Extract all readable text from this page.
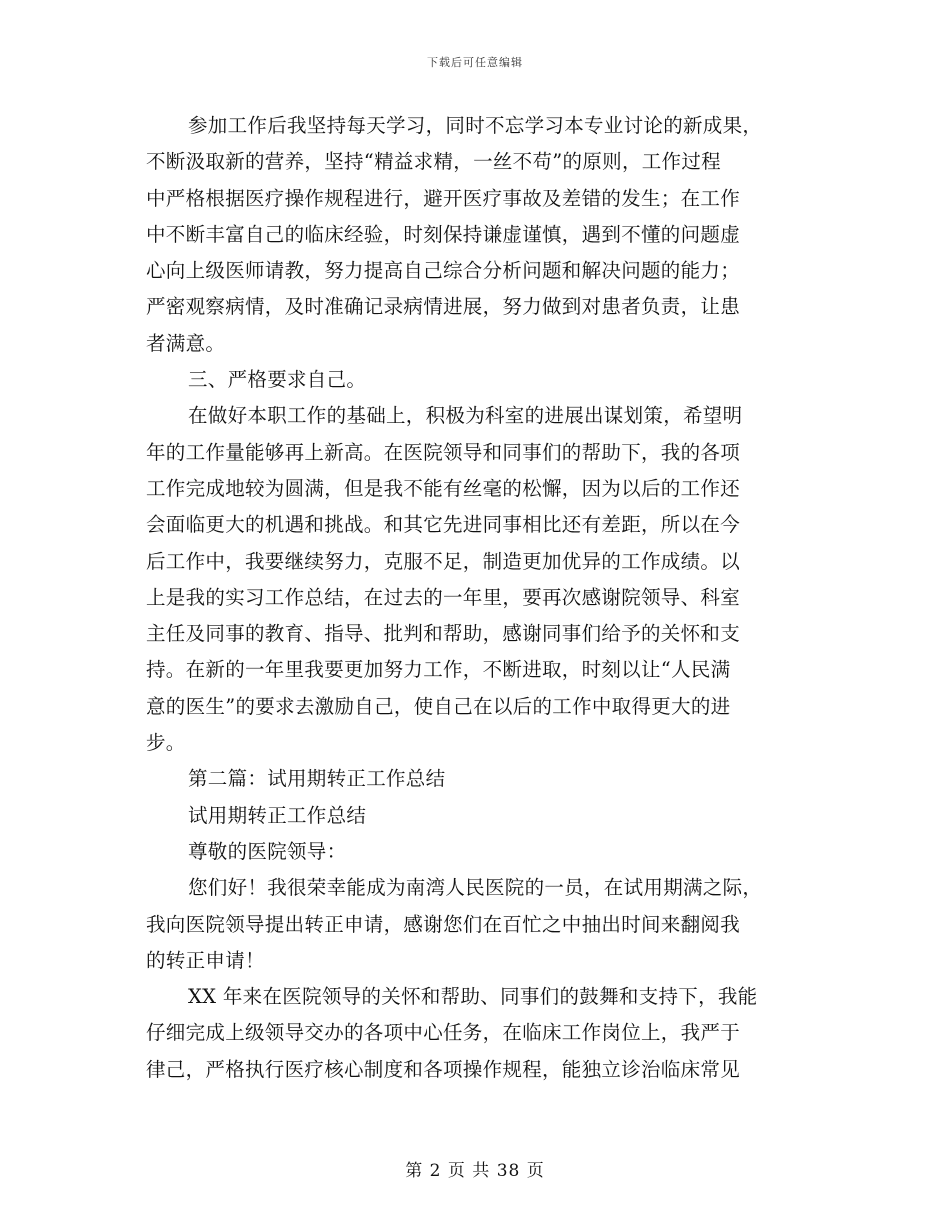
下载后可任意编辑
参加工作后我坚持每天学习，同时不忘学习本专业讨论的新成果，
不断汲取新的营养，坚持“精益求精，一丝不苟”的原则，工作过程
中严格根据医疗操作规程进行，避开医疗事故及差错的发生；在工作
中不断丰富自己的临床经验，时刻保持谦虚谨慎，遇到不懂的问题虚
心向上级医师请教，努力提高自己综合分析问题和解决问题的能力；
严密观察病情，及时准确记录病情进展，努力做到对患者负责，让患
者满意。
三、严格要求自己。
在做好本职工作的基础上，积极为科室的进展出谋划策，希望明
年的工作量能够再上新高。在医院领导和同事们的帮助下，我的各项
工作完成地较为圆满，但是我不能有丝毫的松懈，因为以后的工作还
会面临更大的机遇和挑战。和其它先进同事相比还有差距，所以在今
后工作中，我要继续努力，克服不足，制造更加优异的工作成绩。以
上是我的实习工作总结，在过去的一年里，要再次感谢院领导、科室
主任及同事的教育、指导、批判和帮助，感谢同事们给予的关怀和支
持。在新的一年里我要更加努力工作，不断进取，时刻以让“人民满
意的医生”的要求去激励自己，使自己在以后的工作中取得更大的进
步。
第二篇：试用期转正工作总结
试用期转正工作总结
尊敬的医院领导：
您们好！我很荣幸能成为南湾人民医院的一员，在试用期满之际，
我向医院领导提出转正申请，感谢您们在百忙之中抽出时间来翻阅我
的转正申请！
XX 年来在医院领导的关怀和帮助、同事们的鼓舞和支持下，我能
仔细完成上级领导交办的各项中心任务，在临床工作岗位上，我严于
律己，严格执行医疗核心制度和各项操作规程，能独立诊治临床常见
第 2 页 共 38 页
